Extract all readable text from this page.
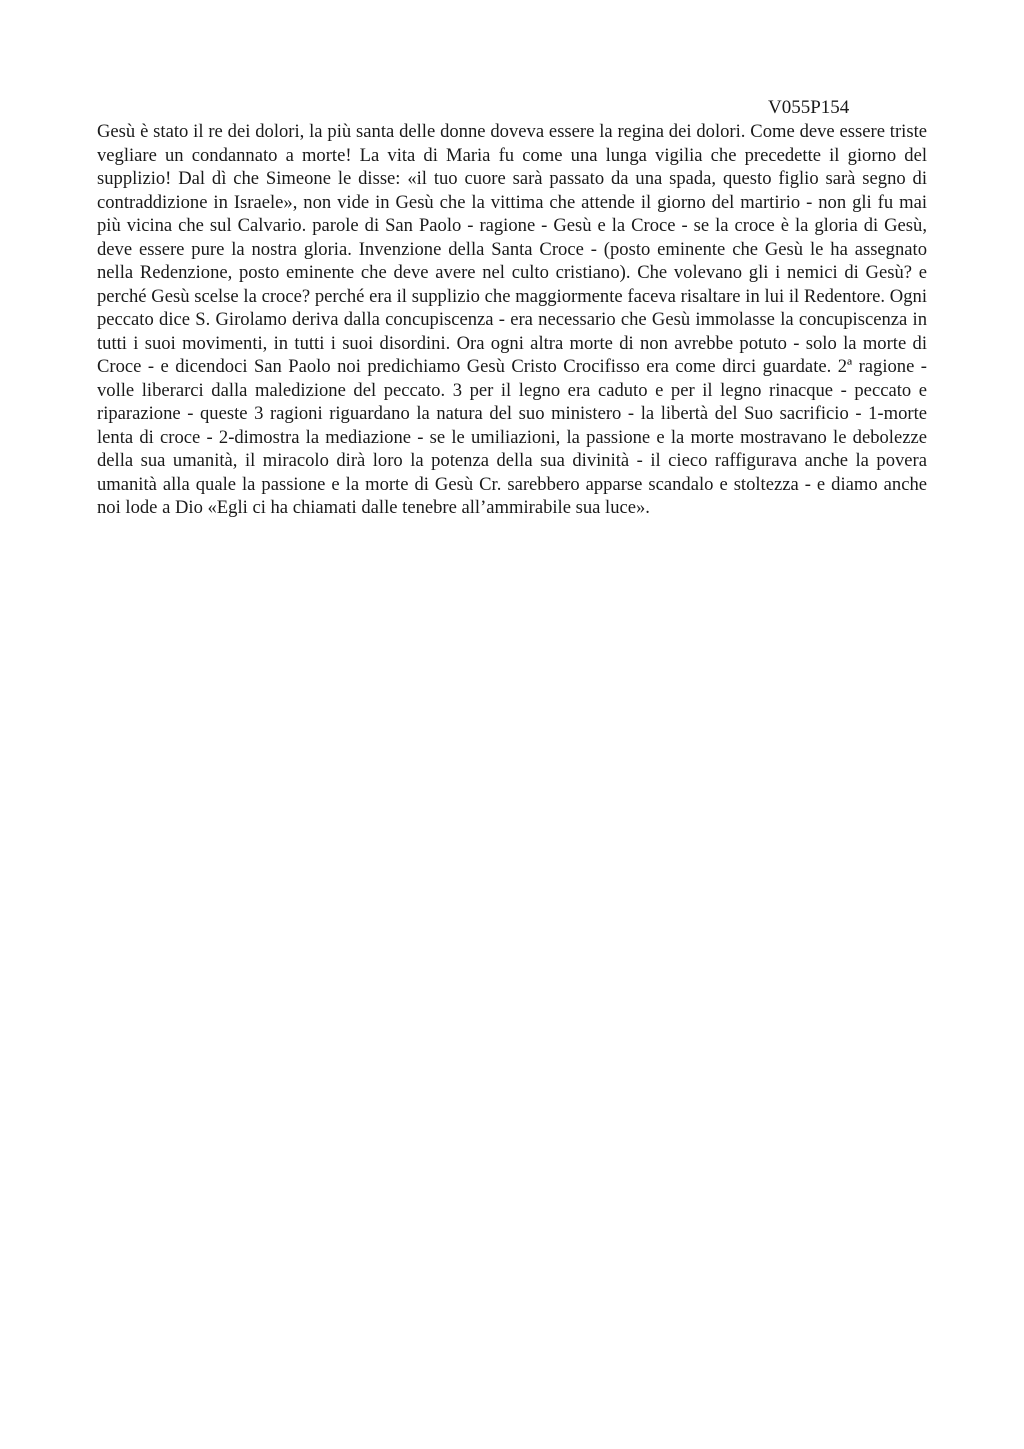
V055P154

Gesù è stato il re dei dolori, la più santa delle donne doveva essere la regina dei dolori. Come deve essere triste vegliare un condannato a morte! La vita di Maria fu come una lunga vigilia che precedette il giorno del supplizio! Dal dì che Simeone le disse: «il tuo cuore sarà passato da una spada, questo figlio sarà segno di contraddizione in Israele», non vide in Gesù che la vittima che attende il giorno del martirio - non gli fu mai più vicina che sul Calvario. parole di San Paolo - ragione - Gesù e la Croce - se la croce è la gloria di Gesù, deve essere pure la nostra gloria. Invenzione della Santa Croce - (posto eminente che Gesù le ha assegnato nella Redenzione, posto eminente che deve avere nel culto cristiano). Che volevano gli i nemici di Gesù? e perché Gesù scelse la croce? perché era il supplizio che maggiormente faceva risaltare in lui il Redentore. Ogni peccato dice S. Girolamo deriva dalla concupiscenza - era necessario che Gesù immolasse la concupiscenza in tutti i suoi movimenti, in tutti i suoi disordini. Ora ogni altra morte di non avrebbe potuto - solo la morte di Croce - e dicendoci San Paolo noi predichiamo Gesù Cristo Crocifisso era come dirci guardate. 2ª ragione - volle liberarci dalla maledizione del peccato. 3 per il legno era caduto e per il legno rinacque - peccato e riparazione - queste 3 ragioni riguardano la natura del suo ministero - la libertà del Suo sacrificio - 1-morte lenta di croce - 2-dimostra la mediazione - se le umiliazioni, la passione e la morte mostravano le debolezze della sua umanità, il miracolo dirà loro la potenza della sua divinità - il cieco raffigurava anche la povera umanità alla quale la passione e la morte di Gesù Cr. sarebbero apparse scandalo e stoltezza - e diamo anche noi lode a Dio «Egli ci ha chiamati dalle tenebre all’ammirabile sua luce».
